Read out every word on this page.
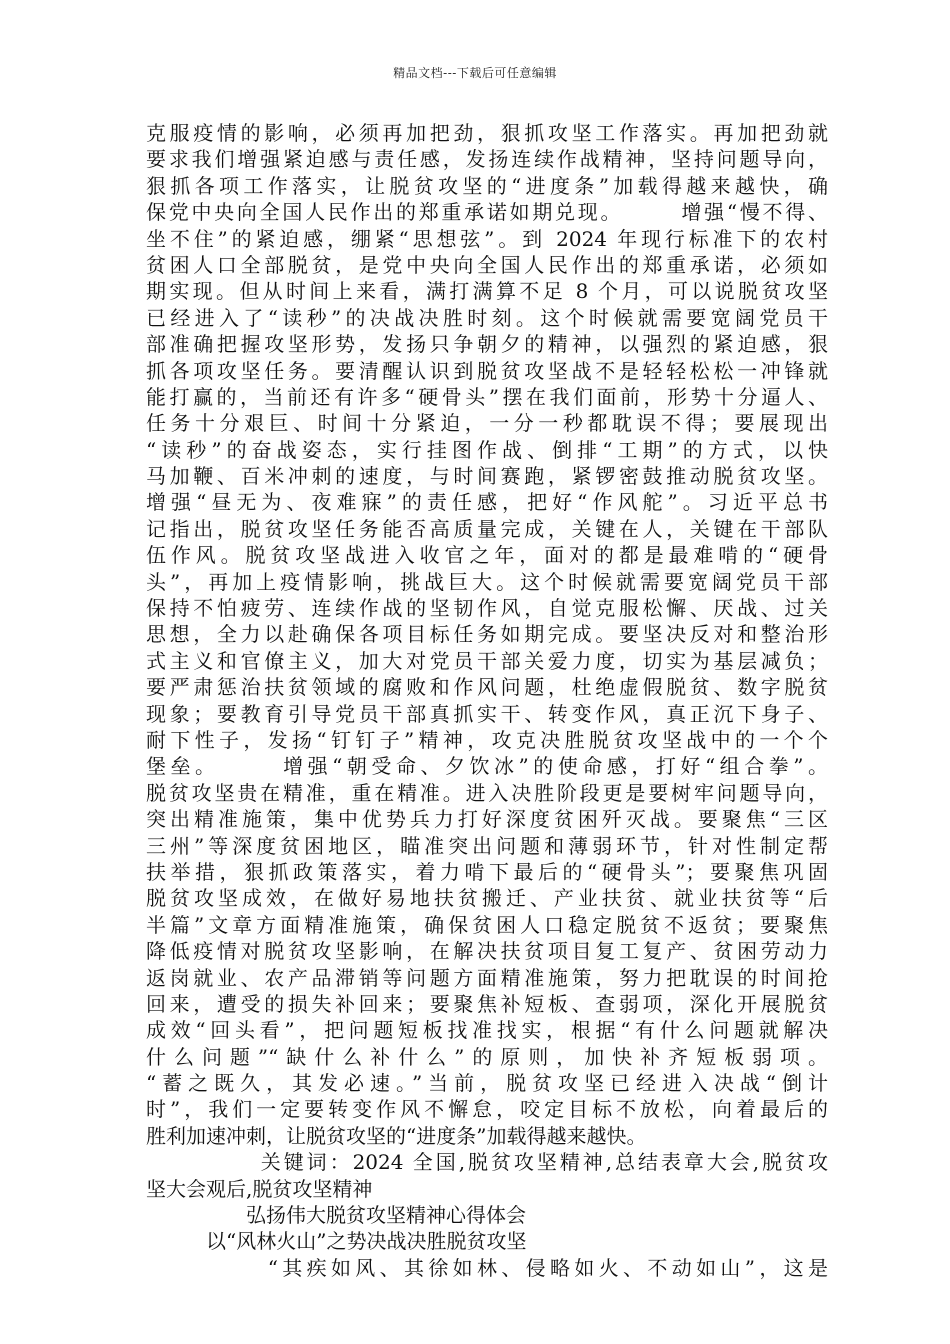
精品文档---下载后可任意编辑
克服疫情的影响，必须再加把劲，狠抓攻坚工作落实。再加把劲就
要求我们增强紧迫感与责任感，发扬连续作战精神，坚持问题导向，
狠抓各项工作落实，让脱贫攻坚的“进度条”加载得越来越快，确
保党中央向全国人民作出的郑重承诺如期兑现。　　　增强“慢不得、
坐不住”的紧迫感，绷紧“思想弦”。到 2024 年现行标准下的农村
贫困人口全部脱贫，是党中央向全国人民作出的郑重承诺，必须如
期实现。但从时间上来看，满打满算不足 8 个月，可以说脱贫攻坚
已经进入了“读秒”的决战决胜时刻。这个时候就需要宽阔党员干
部准确把握攻坚形势，发扬只争朝夕的精神，以强烈的紧迫感，狠
抓各项攻坚任务。要清醒认识到脱贫攻坚战不是轻轻松松一冲锋就
能打赢的，当前还有许多“硬骨头”摆在我们面前，形势十分逼人、
任务十分艰巨、时间十分紧迫，一分一秒都耽误不得；要展现出
“读秒”的奋战姿态，实行挂图作战、倒排“工期”的方式，以快
马加鞭、百米冲刺的速度，与时间赛跑，紧锣密鼓推动脱贫攻坚。
增强“昼无为、夜难寐”的责任感，把好“作风舵”。习近平总书
记指出，脱贫攻坚任务能否高质量完成，关键在人，关键在干部队
伍作风。脱贫攻坚战进入收官之年，面对的都是最难啃的“硬骨
头”，再加上疫情影响，挑战巨大。这个时候就需要宽阔党员干部
保持不怕疲劳、连续作战的坚韧作风，自觉克服松懈、厌战、过关
思想，全力以赴确保各项目标任务如期完成。要坚决反对和整治形
式主义和官僚主义，加大对党员干部关爱力度，切实为基层减负；
要严肃惩治扶贫领域的腐败和作风问题，杜绝虚假脱贫、数字脱贫
现象；要教育引导党员干部真抓实干、转变作风，真正沉下身子、
耐下性子，发扬“钉钉子”精神，攻克决胜脱贫攻坚战中的一个个
堡垒。　　　增强“朝受命、夕饮冰”的使命感，打好“组合拳”。
脱贫攻坚贵在精准，重在精准。进入决胜阶段更是要树牢问题导向，
突出精准施策，集中优势兵力打好深度贫困歼灭战。要聚焦“三区
三州”等深度贫困地区，瞄准突出问题和薄弱环节，针对性制定帮
扶举措，狠抓政策落实，着力啃下最后的“硬骨头”；要聚焦巩固
脱贫攻坚成效，在做好易地扶贫搬迁、产业扶贫、就业扶贫等“后
半篇”文章方面精准施策，确保贫困人口稳定脱贫不返贫；要聚焦
降低疫情对脱贫攻坚影响，在解决扶贫项目复工复产、贫困劳动力
返岗就业、农产品滞销等问题方面精准施策，努力把耽误的时间抢
回来，遭受的损失补回来；要聚焦补短板、查弱项，深化开展脱贫
成效“回头看”，把问题短板找准找实，根据“有什么问题就解决
什么问题”“缺什么补什么”的原则，加快补齐短板弱项。
“蓄之既久，其发必速。”当前，脱贫攻坚已经进入决战“倒计
时”，我们一定要转变作风不懈怠，咬定目标不放松，向着最后的
胜利加速冲刺，让脱贫攻坚的“进度条”加载得越来越快。
　　　　　关键词：2024 全国,脱贫攻坚精神,总结表章大会,脱贫攻
坚大会观后,脱贫攻坚精神
　　　　　弘扬伟大脱贫攻坚精神心得体会
　　　以“风林火山”之势决战决胜脱贫攻坚
　　　　　“其疾如风、其徐如林、侵略如火、不动如山”，这是
